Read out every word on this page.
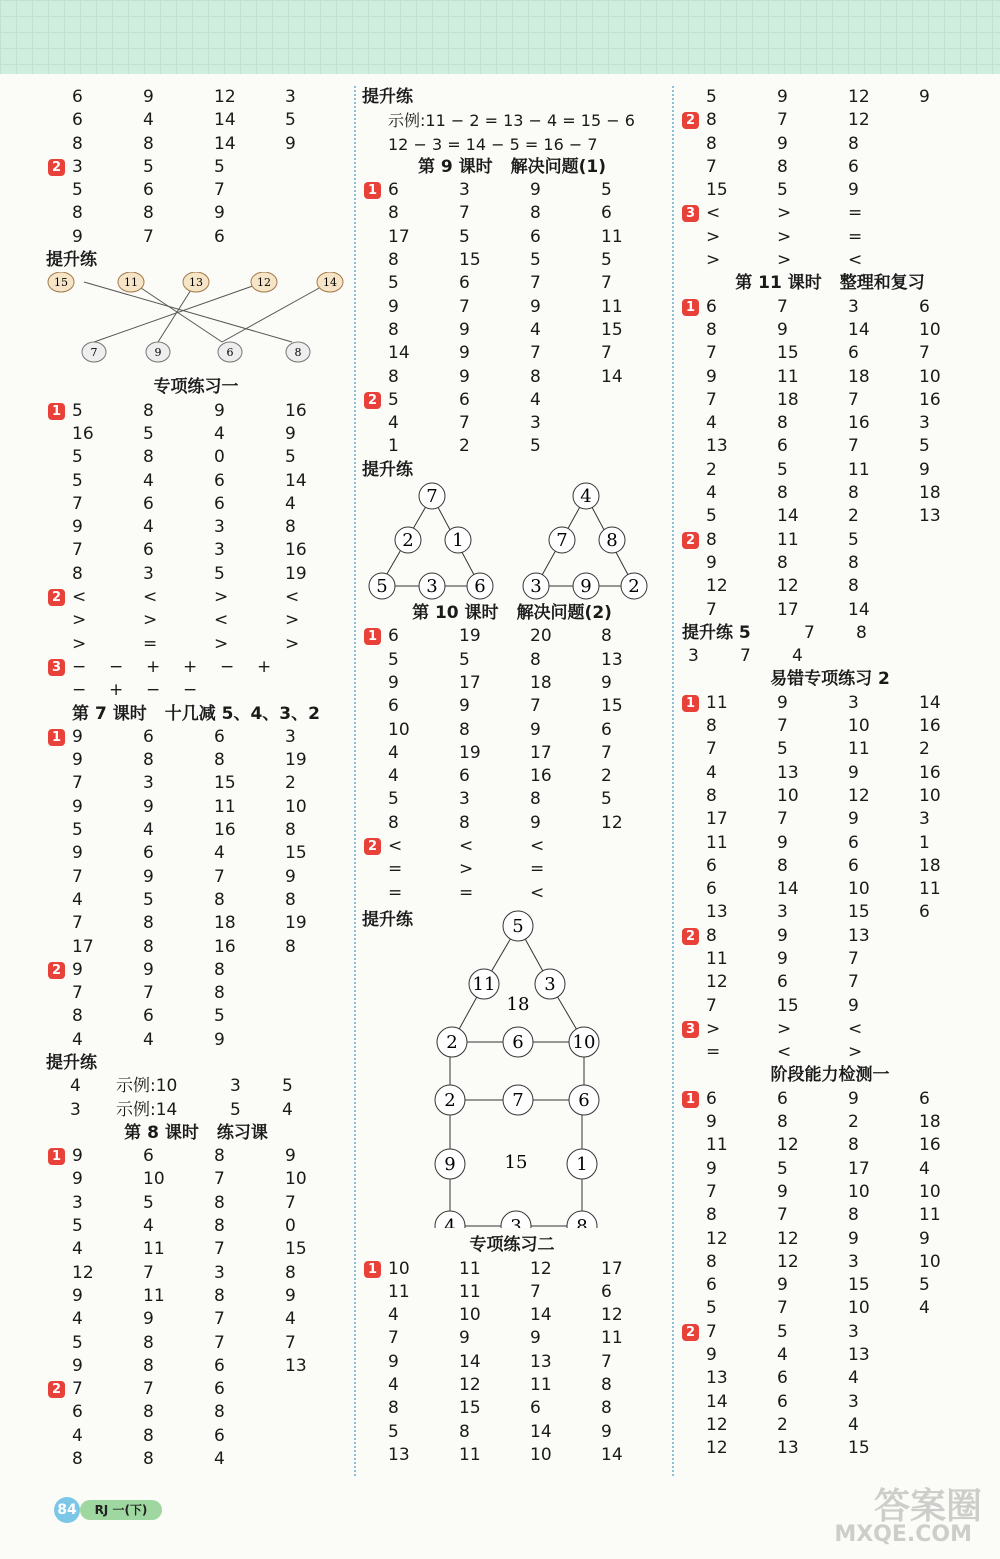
6	9	12	3
6	4	14	5
8	8	14	9
2 3	5	5
5	6	7
8	8	9
9	7	6
提升练
15	11	13	12	14
7	9	6	8
专项练习一
1 5	8	9	16
16	5	4	9
5	8	0	5
5	4	6	14
7	6	6	4
9	4	3	8
7	6	3	16
8	3	5	19
2 <	<	>	<
>	>	<	>
>	=	>	>
3 − − + + − +
− + − −
第 7 课时 十几减 5、4、3、2
1 9	6	6	3
9	8	8	19
7	3	15	2
9	9	11	10
5	4	16	8
9	6	4	15
7	9	7	9
4	5	8	8
7	8	18	19
17	8	16	8
2 9	9	8
7	7	8
8	6	5
4	4	9
提升练
4 示例:10	3 5
3 示例:14	5 4
第 8 课时 练习课
1 9	6	8	9
9	10	7	10
3	5	8	7
5	4	8	0
4	11	7	15
12	7	3	8
9	11	8	9
4	9	7	4
5	8	7	7
9	8	6	13
2 7	7	6
6	8	8
4	8	6
8	8	4
提升练
示例:11 − 2 = 13 − 4 = 15 − 6
12 − 3 = 14 − 5 = 16 − 7
第 9 课时 解决问题(1)
1 6	3	9	5
8	7	8	6
17	5	6	11
8	15	5	5
5	6	7	7
9	7	9	11
8	9	4	15
14	9	7	7
8	9	8	14
2 5	6	4
4	7	3
1	2	5
提升练
7
2 1
5 3 6
4
7 8
3 9 2
第 10 课时 解决问题(2)
1 6	19	20	8
5	5	8	13
9	17	18	9
6	9	7	15
10	8	9	6
4	19	17	7
4	6	16	2
5	3	8	5
8	8	9	12
2 <	<	<
=	>	=
=	=	<
提升练	5
11	3
18
2	6	10
2	7	6
9	15	1
4	3	8
专项练习二
1 10	11	12	17
11	11	7	6
4	10	14	12
7	9	9	11
9	14	13	7
4	12	11	8
8	15	6	8
5	8	14	9
13	11	10	14
5	9	12	9
2 8	7	12
8	9	8
7	8	6
15	5	9
3 <	>	=
>	>	=
>	>	<
第 11 课时 整理和复习
1 6	7	3	6
8	9	14	10
7	15	6	7
9	11	18	10
7	18	7	16
4	8	16	3
13	6	7	5
2	5	11	9
4	8	8	18
5	14	2	13
2 8	11	5
9	8	8
12	12	8
7	17	14
提升练 5	7 8
3 7 4
易错专项练习 2
1 11	9	3	14
8	7	10	16
7	5	11	2
4	13	9	16
8	10	12	10
17	7	9	3
11	9	6	1
6	8	6	18
6	14	10	11
13	3	15	6
2 8	9	13
11	9	7
12	6	7
7	15	9
3 >	>	<
=	<	>
阶段能力检测一
1 6	6	9	6
9	8	2	18
11	12	8	16
9	5	17	4
7	9	10	10
8	7	8	11
12	12	9	9
8	12	3	10
6	9	15	5
5	7	10	4
2 7	5	3
9	4	13
13	6	4
14	6	3
12	2	4
12	13	15
84	RJ 一(下)	答案圈
MXQE.COM
